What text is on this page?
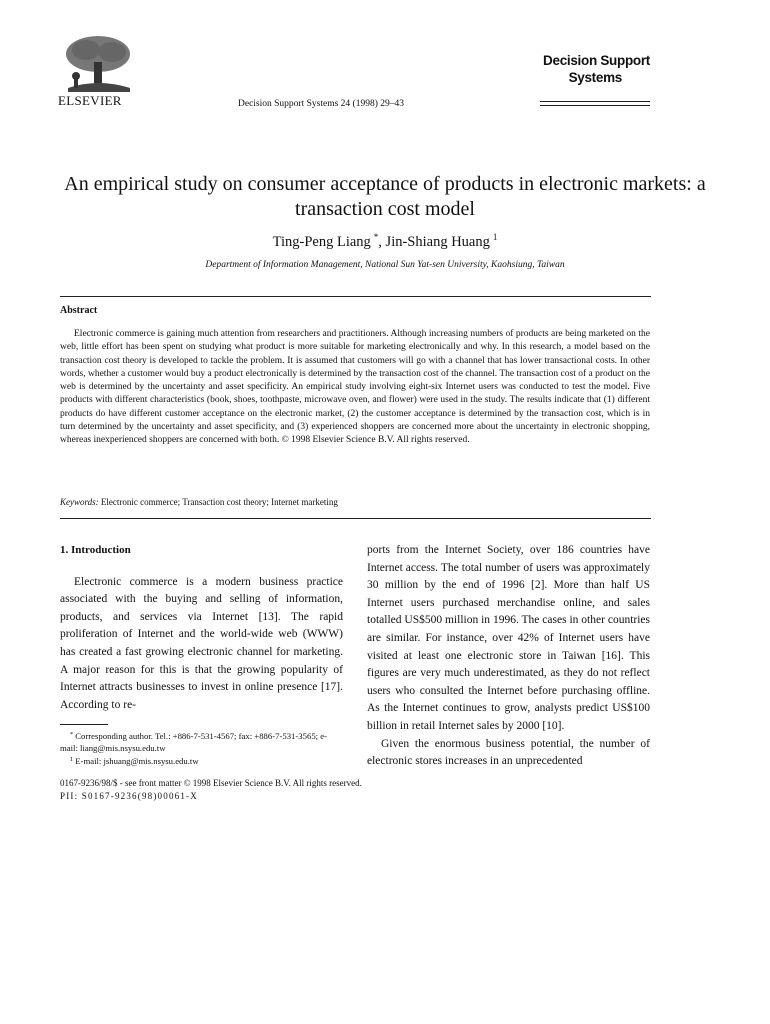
ELSEVIER	Decision Support Systems 24 (1998) 29–43
Decision Support
Systems
An empirical study on consumer acceptance of products in electronic markets: a transaction cost model
Ting-Peng Liang *, Jin-Shiang Huang $^1$
Department of Information Management, National Sun Yat-sen University, Kaohsiung, Taiwan
Abstract
Electronic commerce is gaining much attention from researchers and practitioners. Although increasing numbers of products are being marketed on the web, little effort has been spent on studying what product is more suitable for marketing electronically and why. In this research, a model based on the transaction cost theory is developed to tackle the problem. It is assumed that customers will go with a channel that has lower transactional costs. In other words, whether a customer would buy a product electronically is determined by the transaction cost of the channel. The transaction cost of a product on the web is determined by the uncertainty and asset specificity. An empirical study involving eight-six Internet users was conducted to test the model. Five products with different characteristics (book, shoes, toothpaste, microwave oven, and flower) were used in the study. The results indicate that (1) different products do have different customer acceptance on the electronic market, (2) the customer acceptance is determined by the transaction cost, which is in turn determined by the uncertainty and asset specificity, and (3) experienced shoppers are concerned more about the uncertainty in electronic shopping, whereas inexperienced shoppers are concerned with both. © 1998 Elsevier Science B.V. All rights reserved.
Keywords: Electronic commerce; Transaction cost theory; Internet marketing

1. Introduction

Electronic commerce is a modern business practice associated with the buying and selling of information, products, and services via Internet [13]. The rapid proliferation of Internet and the world-wide web (WWW) has created a fast growing electronic channel for marketing. A major reason for this is that the growing popularity of Internet attracts businesses to invest in online presence [17]. According to re-

ports from the Internet Society, over 186 countries have Internet access. The total number of users was approximately 30 million by the end of 1996 [2]. More than half US Internet users purchased merchandise online, and sales totalled US$500 million in 1996. The cases in other countries are similar. For instance, over 42% of Internet users have visited at least one electronic store in Taiwan [16]. This figures are very much underestimated, as they do not reflect users who consulted the Internet before purchasing offline. As the Internet continues to grow, analysts predict US$100 billion in retail Internet sales by 2000 [10].

Given the enormous business potential, the number of electronic stores increases in an unprecedented

* Corresponding author. Tel.: +886-7-531-4567; fax: +886-7-531-3565; e-mail: liang@mis.nsysu.edu.tw
$^1$ E-mail: jshuang@mis.nsysu.edu.tw
0167-9236/98/$ - see front matter © 1998 Elsevier Science B.V. All rights reserved.
PII: S0167-9236(98)00061-X
